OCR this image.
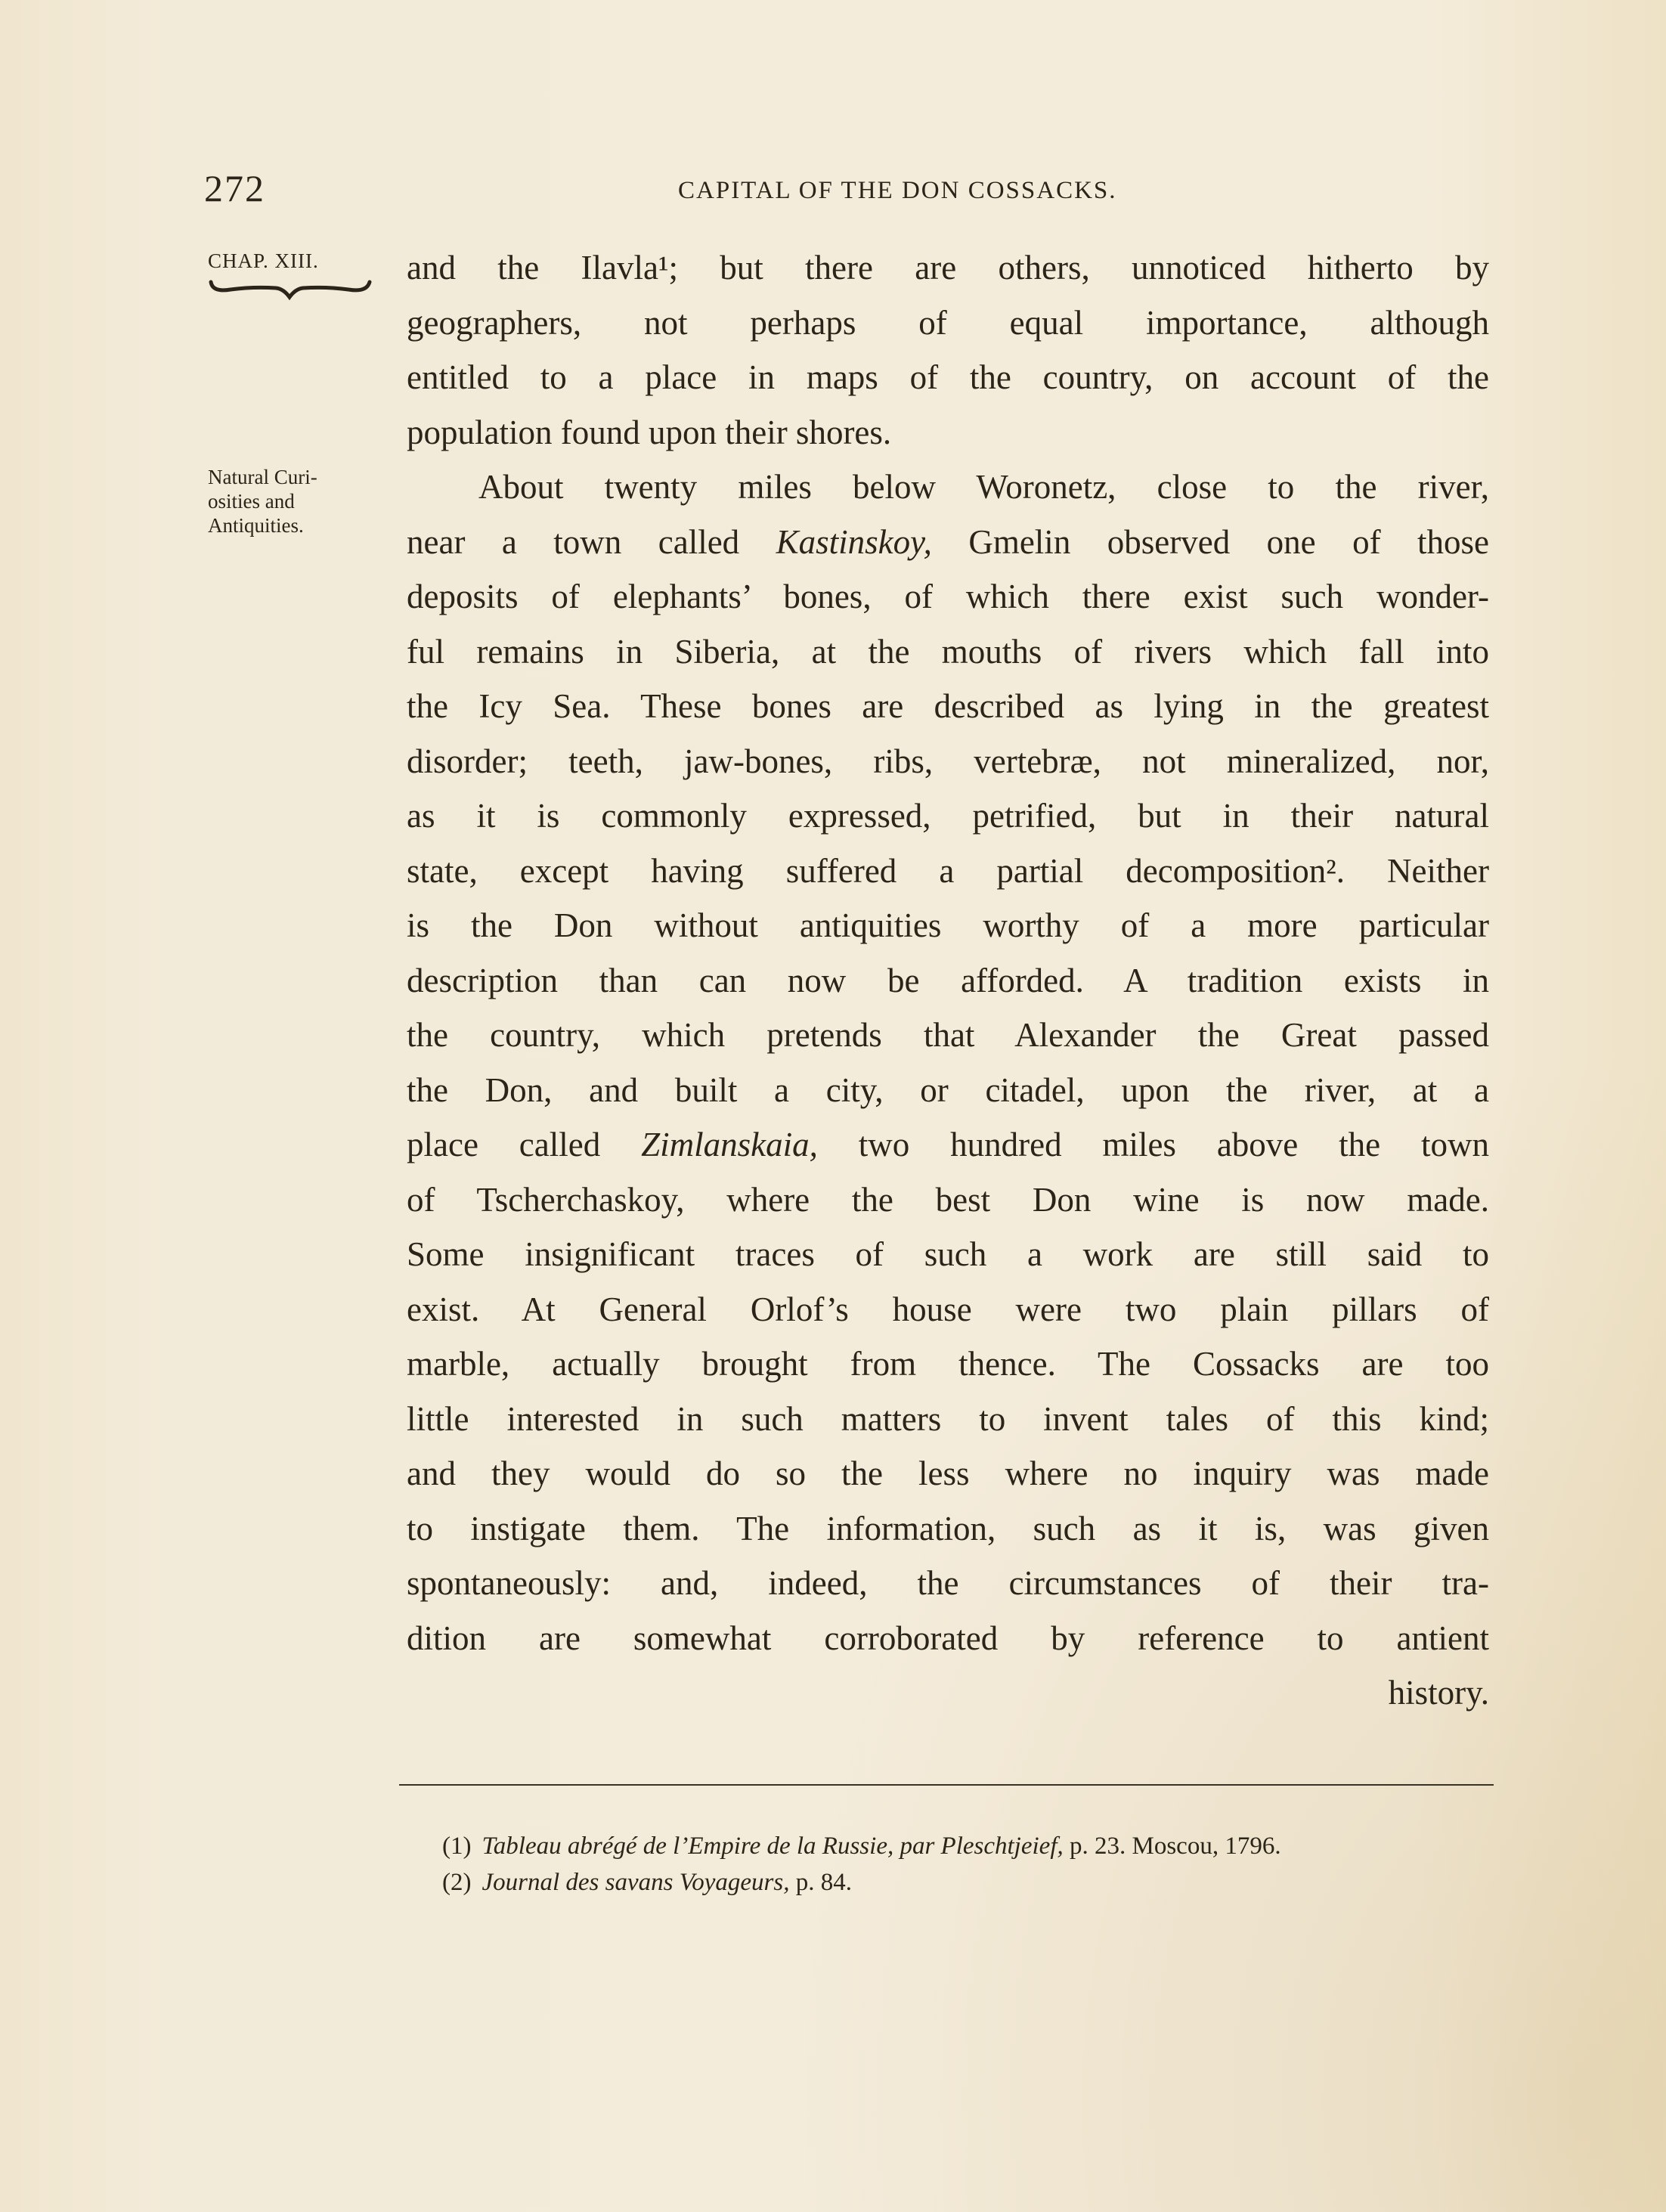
272	CAPITAL OF THE DON COSSACKS.
CHAP. XIII.
Natural Curi-
osities and
Antiquities.
and the Ilavla¹; but there are others, unnoticed hitherto by
geographers, not perhaps of equal importance, although
entitled to a place in maps of the country, on account of the
population found upon their shores.
About twenty miles below Woronetz, close to the river,
near a town called Kastinskoy, Gmelin observed one of those
deposits of elephants’ bones, of which there exist such wonder-
ful remains in Siberia, at the mouths of rivers which fall into
the Icy Sea. These bones are described as lying in the greatest
disorder; teeth, jaw-bones, ribs, vertebræ, not mineralized, nor,
as it is commonly expressed, petrified, but in their natural
state, except having suffered a partial decomposition². Neither
is the Don without antiquities worthy of a more particular
description than can now be afforded. A tradition exists in
the country, which pretends that Alexander the Great passed
the Don, and built a city, or citadel, upon the river, at a
place called Zimlanskaia, two hundred miles above the town
of Tscherchaskoy, where the best Don wine is now made.
Some insignificant traces of such a work are still said to
exist. At General Orlof’s house were two plain pillars of
marble, actually brought from thence. The Cossacks are too
little interested in such matters to invent tales of this kind;
and they would do so the less where no inquiry was made
to instigate them. The information, such as it is, was given
spontaneously: and, indeed, the circumstances of their tra-
dition are somewhat corroborated by reference to antient
history.
(1) Tableau abrégé de l’Empire de la Russie, par Pleschtjeief, p. 23. Moscou, 1796.
(2) Journal des savans Voyageurs, p. 84.
